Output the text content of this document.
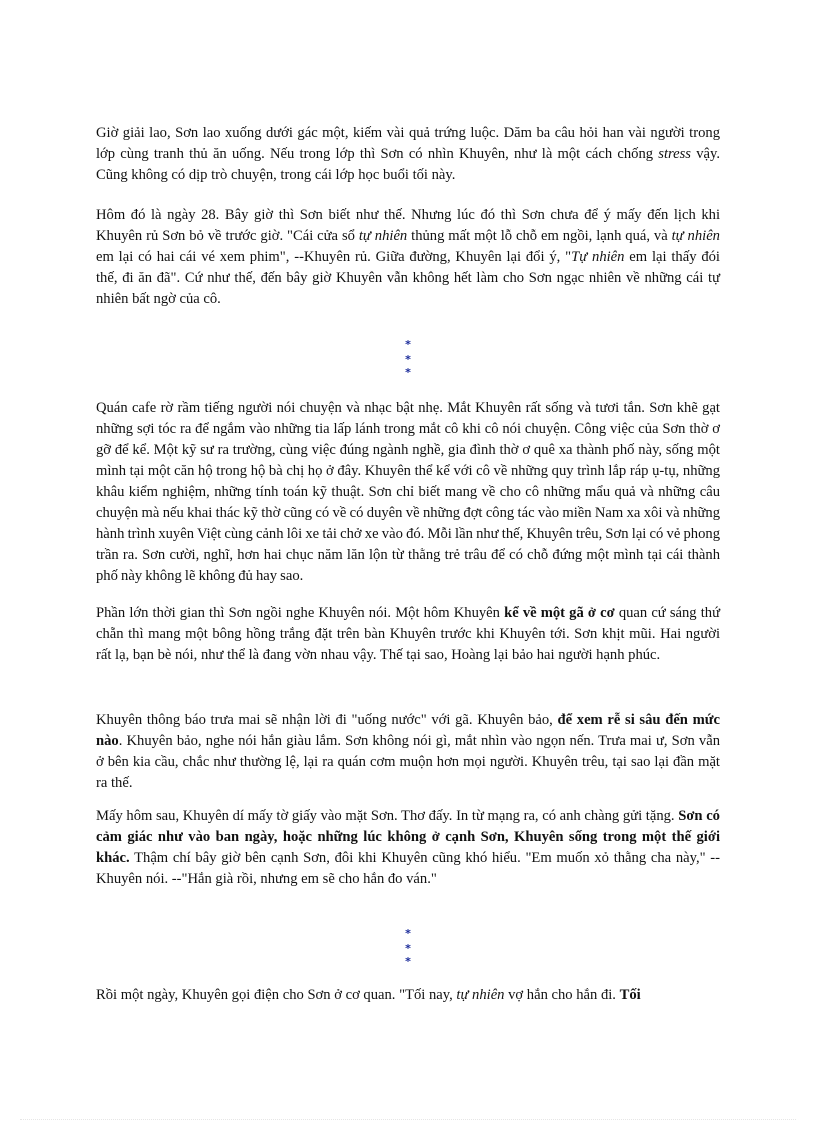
Giờ giải lao, Sơn lao xuống dưới gác một, kiếm vài quả trứng luộc. Dăm ba câu hỏi han vài người trong lớp cùng tranh thủ ăn uống. Nếu trong lớp thì Sơn có nhìn Khuyên, như là một cách chống stress vậy. Cũng không có dịp trò chuyện, trong cái lớp học buổi tối này.

Hôm đó là ngày 28. Bây giờ thì Sơn biết như thế. Nhưng lúc đó thì Sơn chưa để ý mấy đến lịch khi Khuyên rủ Sơn bỏ về trước giờ. "Cái cửa sổ tự nhiên thủng mất một lỗ chỗ em ngồi, lạnh quá, và tự nhiên em lại có hai cái vé xem phim", --Khuyên rủ. Giữa đường, Khuyên lại đổi ý, "Tự nhiên em lại thấy đói thế, đi ăn đã". Cứ như thế, đến bây giờ Khuyên vẫn không hết làm cho Sơn ngạc nhiên về những cái tự nhiên bất ngờ của cô.

*
* *

Quán cafe rờ rầm tiếng người nói chuyện và nhạc bật nhẹ. Mắt Khuyên rất sống và tươi tắn. Sơn khẽ gạt những sợi tóc ra để ngắm vào những tia lấp lánh trong mắt cô khi cô nói chuyện. Công việc của Sơn thờ ơ gỡ để kể. Một kỹ sư ra trường, cùng việc đúng ngành nghề, gia đình thờ ơ quê xa thành phố này, sống một mình tại một căn hộ trong hộ bà chị họ ở đây. Khuyên thể kể với cô về những quy trình lắp ráp ụ-tụ, những khâu kiểm nghiệm, những tính toán kỹ thuật. Sơn chỉ biết mang về cho cô những mẩu quả và những câu chuyện mà nếu khai thác kỹ thờ cũng có về có duyên về những đợt công tác vào miền Nam xa xôi và những hành trình xuyên Việt cùng cảnh lôi xe tải chở xe vào đó. Mỗi lần như thế, Khuyên trêu, Sơn lại có vẻ phong trần ra. Sơn cười, nghĩ, hơn hai chục năm lăn lộn từ thằng trẻ trâu để có chỗ đứng một mình tại cái thành phố này không lẽ không đủ hay sao.

Phần lớn thời gian thì Sơn ngồi nghe Khuyên nói. Một hôm Khuyên kể về một gã ở cơ quan cứ sáng thứ chẵn thì mang một bông hồng trắng đặt trên bàn Khuyên trước khi Khuyên tới. Sơn khịt mũi. Hai người rất lạ, bạn bè nói, như thể là đang vờn nhau vậy. Thế tại sao, Hoàng lại bảo hai người hạnh phúc.

Khuyên thông báo trưa mai sẽ nhận lời đi "uống nước" với gã. Khuyên bảo, để xem rễ si sâu đến mức nào. Khuyên bảo, nghe nói hắn giàu lắm. Sơn không nói gì, mắt nhìn vào ngọn nến. Trưa mai ư, Sơn vẫn ở bên kia cầu, chắc như thường lệ, lại ra quán cơm muộn hơn mọi người. Khuyên trêu, tại sao lại đần mặt ra thế.

Mấy hôm sau, Khuyên dí mấy tờ giấy vào mặt Sơn. Thơ đấy. In từ mạng ra, có anh chàng gửi tặng. Sơn có cảm giác như vào ban ngày, hoặc những lúc không ở cạnh Sơn, Khuyên sống trong một thế giới khác. Thậm chí bây giờ bên cạnh Sơn, đôi khi Khuyên cũng khó hiểu. "Em muốn xỏ thằng cha này," --Khuyên nói. --"Hắn già rồi, nhưng em sẽ cho hắn đo ván."

*
* *

Rồi một ngày, Khuyên gọi điện cho Sơn ở cơ quan. "Tối nay, tự nhiên vợ hắn cho hắn đi. Tối
